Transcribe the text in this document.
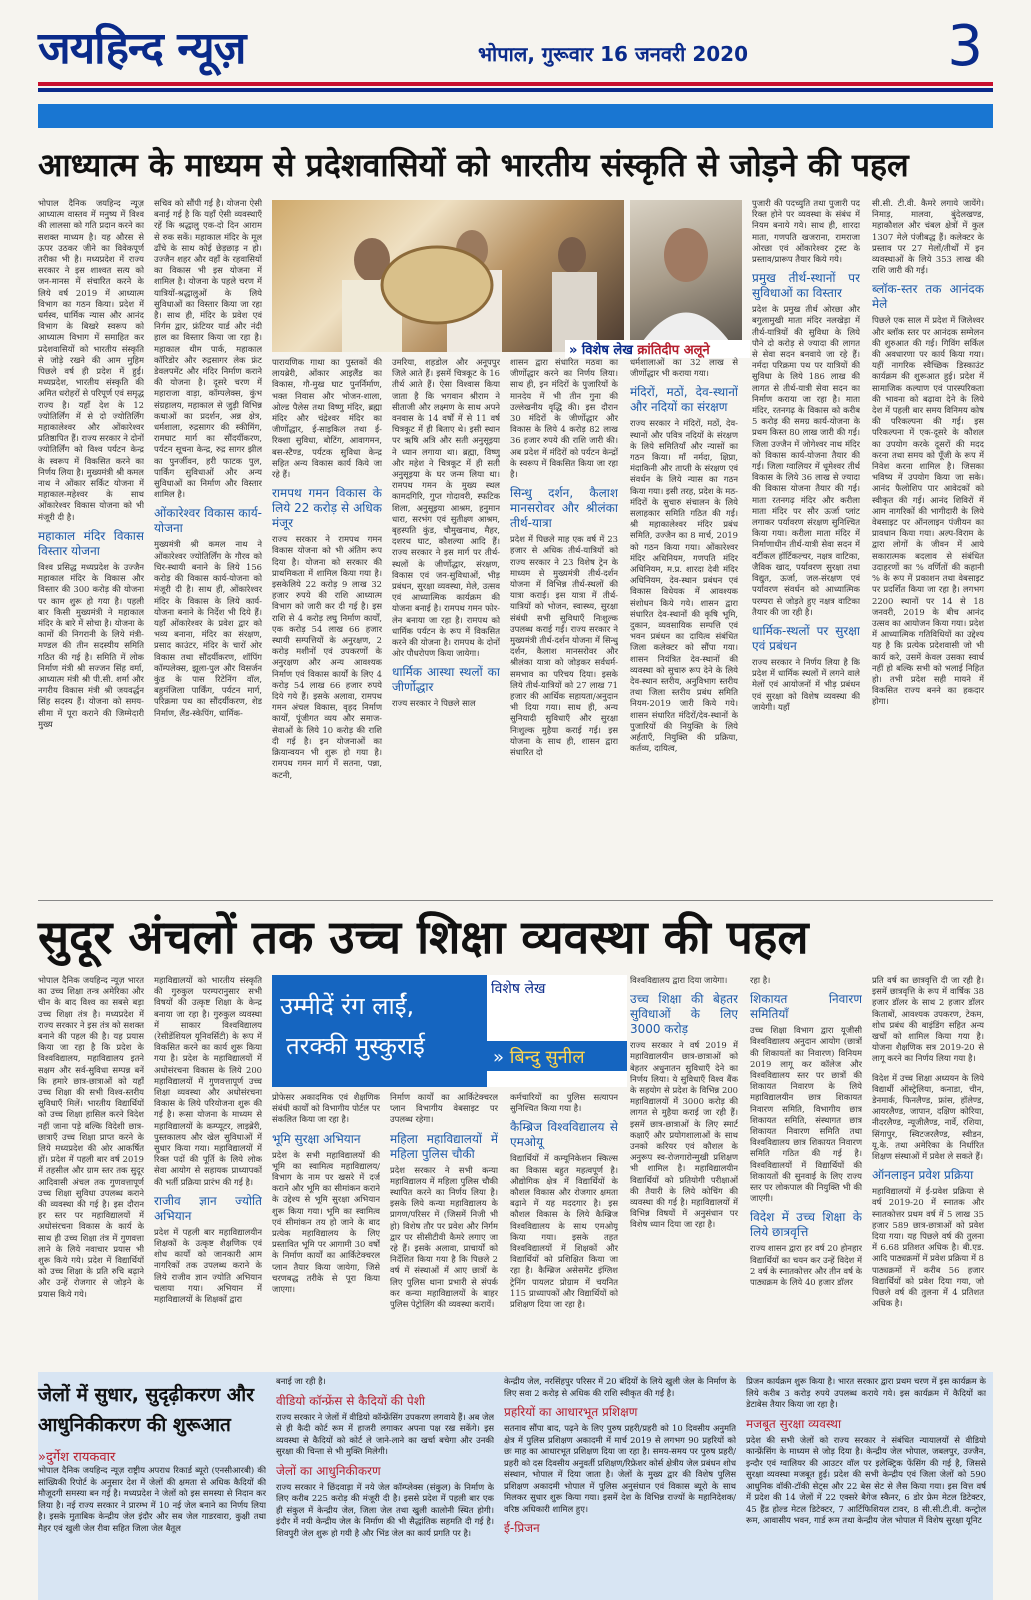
जयहिन्द न्यूज़	भोपाल, गुरूवार 16 जनवरी 2020	3
आध्यात्म के माध्यम से प्रदेशवासियों को भारतीय संस्कृति से जोड़ने की पहल

भोपाल दैनिक जयहिन्द न्यूज़ आध्यात्म वास्तव में मनुष्य में विश्व की लालसा को गति प्रदान करने का सशक्त माध्यम है। यह औरस से ऊपर उठकर जीने का विवेकपूर्ण तरीका भी है। मध्यप्रदेश में राज्य सरकार ने इस शाश्वत सत्य को जन-मानस में संचारित करने के लिये वर्ष 2019 में आध्यात्म विभाग का गठन किया। प्रदेश में धर्मस्व, धार्मिक न्यास और आनंद विभाग के बिखरे स्वरूप को आध्यात्म विभाग में समाहित कर प्रदेशवासियों को भारतीय संस्कृति से जोड़े रखने की आम मुहिम पिछले वर्ष ही प्रदेश में हुई। मध्यप्रदेश, भारतीय संस्कृति की अमित धरोहरों से परिपूर्ण एवं समृद्ध राज्य है। यहाँ देश के 12 ज्योतिर्लिंग में से दो ज्योतिर्लिंग महाकालेश्वर और ओंकारेश्वर प्रतिष्ठापित हैं। राज्य सरकार ने दोनों ज्योतिर्लिंग को विश्व पर्यटन केन्द्र के स्वरूप में विकसित करने का निर्णय लिया है। मुख्यमंत्री श्री कमल नाथ ने ओंकार सर्किट योजना में महाकाल-महेश्वर के साथ ओंकारेश्वर विकास योजना को भी मंजूरी दी है।

महाकाल मंदिर विकास विस्तार योजना

विश्व प्रसिद्ध मध्यप्रदेश के उज्जैन महाकाल मंदिर के विकास और विस्तार की 300 करोड़ की योजना पर काम शुरू हो गया है। पहली बार किसी मुख्यमंत्री ने महाकाल मंदिर के बारे में सोचा है। योजना के कामों की निगरानी के लिये मंत्री-मण्डल की तीन सदस्यीय समिति गठित की गई है। समिति में लोक निर्माण मंत्री श्री सज्जन सिंह वर्मा, आध्यात्म मंत्री श्री पी.सी. शर्मा और नगरीय विकास मंत्री श्री जयवर्द्धन सिंह सदस्य हैं। योजना को समय-सीमा में पूरा कराने की जिम्मेदारी मुख्य

सचिव को सौंपी गई है। योजना ऐसी बनाई गई है कि यहाँ ऐसी व्यवस्थाएँ रहें कि श्रद्धालु एक-दो दिन आराम से रुक सकें। महाकाल मंदिर के मूल ढाँचे के साथ कोई छेड़छाड़ न हो। उज्जैन शहर और वहाँ के रहवासियों का विकास भी इस योजना में शामिल है। योजना के पहले चरण में यात्रियों-श्रद्धालुओं के लिये सुविधाओं का विस्तार किया जा रहा है। साथ ही, मंदिर के प्रवेश एवं निर्गम द्वार, फ्रंटियर यार्ड और नंदी हाल का विस्तार किया जा रहा है। महाकाल थीम पार्क, महाकाल कॉरिडोर और रुद्रसागर लेक फ्रंट डेवलपमेंट और मंदिर निर्माण कराने की योजना है। दूसरे चरण में महाराजा वाड़ा, कॉम्पलेक्स, कुंभ संग्रहालय, महाकाल से जुड़ी विभिन्न कथाओं का प्रदर्शन, अन्न क्षेत्र, धर्मशाला, रुद्रसागर की स्कीमिंग, रामघाट मार्ग का सौंदर्यीकरण, पर्यटन सूचना केन्द्र, रुद्र सागर झील का पुनर्जीवन, हरी फाटक पुल, पार्किंग सुविधाओं और अन्य सुविधाओं का निर्माण और विस्तार शामिल है।

ओंकारेश्वर विकास कार्य-योजना

मुख्यमंत्री श्री कमल नाथ ने ओंकारेश्वर ज्योतिर्लिंग के गौरव को चिर-स्थायी बनाने के लिये 156 करोड़ की विकास कार्य-योजना को मंजूरी दी है। साथ ही, ओंकारेश्वर मंदिर के विकास के लिये कार्य-योजना बनाने के निर्देश भी दिये हैं। यहाँ ओंकारेश्वर के प्रवेश द्वार को भव्य बनाना, मंदिर का संरक्षण, प्रसाद काउंटर, मंदिर के चारों ओर विकास तथा सौंदर्यीकरण, शॉपिंग कॉम्पलेक्स, झूला-पुल और विसर्जन कुंड के पास रिटेनिंग वॉल, बहुमंजिला पार्किंग, पर्यटन मार्ग, परिक्रमा पथ का सौंदर्यीकरण, शेड निर्माण, लैंड-स्केपिंग, धार्मिक-

» विशेष लेख क्रांतिदीप अलूने

पारायणिक गाथा का पुस्तकों की लायब्रेरी, ओंकार आइलैंड का विकास, गौ-मुख घाट पुनर्निर्माण, भक्त निवास और भोजन-शाला, ओल्ड पैलेस तथा विष्णु मंदिर, ब्रह्मा मंदिर और चंद्रेश्वर मंदिर का जीर्णोद्धार, ई-साइकिल तथा ई-रिक्शा सुविधा, बोटिंग, आवागमन, बस-स्टैण्ड, पर्यटक सुविधा केन्द्र सहित अन्य विकास कार्य किये जा रहे हैं।

रामपथ गमन विकास के लिये 22 करोड़ से अधिक मंजूर

राज्य सरकार ने रामपथ गमन विकास योजना को भी अंतिम रूप दिया है। योजना को सरकार की प्राथमिकता में शामिल किया गया है। इसकेलिये 22 करोड़ 9 लाख 32 हजार रुपये की राशि आध्यात्म विभाग को जारी कर दी गई है। इस राशि से 4 करोड़ लघु निर्माण कार्यों, एक करोड़ 54 लाख 66 हजार स्थायी सम्पत्तियों के अनुरक्षण, 2 करोड़ मशीनों एवं उपकरणों के अनुरक्षण और अन्य आवश्यक निर्माण एवं विकास कार्यों के लिए 4 करोड़ 54 लाख 66 हजार रुपये दिये गये हैं। इसके अलावा, रामपथ गमन अंचल विकास, वृहद निर्माण कार्यों, पूंजीगत व्यय और समाज-सेवाओं के लिये 10 करोड़ की राशि दी गई है। इन योजनाओं का क्रियान्वयन भी शुरू हो गया है। रामपथ गमन मार्ग में सतना, पन्ना, कटनी,

उमरिया, शहडोल और अनूपपुर जिले आते हैं। इसमें चित्रकूट के 16 तीर्थ आते हैं। ऐसा विश्वास किया जाता है कि भगवान श्रीराम ने सीताजी और लक्ष्मण के साथ अपने वनवास के 14 वर्षों में से 11 वर्ष चित्रकूट में ही बिताए थे। इसी स्थान पर ऋषि अत्रि और सती अनुसूइया ने ध्यान लगाया था। ब्रह्मा, विष्णु और महेश ने चित्रकूट में ही सती अनुसूइया के घर जन्म लिया था। रामपथ गमन के मुख्य स्थल कामदगिरि, गुप्त गोदावरी, स्फटिक शिला, अनुसूइया आश्रम, हनुमान धारा, सरभंग एवं सुतीक्ष्ण आश्रम, बृहस्पति कुंड, चौमुखनाथ, मैहर, दशरथ घाट, कौशल्या आदि हैं। राज्य सरकार ने इस मार्ग पर तीर्थ-स्थलों के जीर्णोद्धार, संरक्षण, विकास एवं जन-सुविधाओं, भीड़ प्रबंधन, सुरक्षा व्यवस्था, मेले, उत्सव एवं आध्यात्मिक कार्यक्रम की योजना बनाई है। रामपथ गमन फोर-लेन बनाया जा रहा है। रामपथ को धार्मिक पर्यटन के रूप में विकसित करने की योजना है। रामपथ के दोनों ओर पौधरोपण किया जायेगा।

धार्मिक आस्था स्थलों का जीर्णोद्धार

राज्य सरकार ने पिछले साल

शासन द्वारा संधारित मठवा का जीर्णोद्धार करने का निर्णय लिया। साथ ही, इन मंदिरों के पुजारियों के मानदेय में भी तीन गुना की उल्लेखनीय वृद्धि की। इस दौरान 30 मंदिरों के जीर्णोद्धार और विकास के लिये 4 करोड़ 82 लाख 36 हजार रुपये की राशि जारी की। अब प्रदेश में मंदिरों को पर्यटन केन्द्रों के स्वरूप में विकसित किया जा रहा है।

सिन्धु दर्शन, कैलाश मानसरोवर और श्रीलंका तीर्थ-यात्रा

प्रदेश में पिछले माह एक वर्ष में 23 हजार से अधिक तीर्थ-यात्रियों को राज्य सरकार ने 23 विशेष ट्रेन के माध्यम से मुख्यमंत्री तीर्थ-दर्शन योजना में विभिन्न तीर्थ-स्थलों की यात्रा कराई। इस यात्रा में तीर्थ-यात्रियों को भोजन, स्वास्थ्य, सुरक्षा संबंधी सभी सुविधाएँ निःशुल्क उपलब्ध कराई गईं। राज्य सरकार ने मुख्यमंत्री तीर्थ-दर्शन योजना में सिन्धु दर्शन, कैलाश मानसरोवर और श्रीलंका यात्रा को जोड़कर सर्वधर्म-समभाव का परिचय दिया। इसके लिये तीर्थ-यात्रियों को 27 लाख 71 हजार की आर्थिक सहायता/अनुदान भी दिया गया। साथ ही, अन्य सुनियादी सुविधाएँ और सुरक्षा निःशुल्क मुहैया कराई गई। इस योजना के साथ ही, शासन द्वारा संधारित दो

धर्मशालाओं का 32 लाख से जीर्णोद्धार भी कराया गया।

मंदिरों, मठों, देव-स्थानों और नदियों का संरक्षण

राज्य सरकार ने मंदिरों, मठों, देव-स्थानों और पवित्र नदियों के संरक्षण के लिये समितियाँ और न्यासों का गठन किया। माँ नर्मदा, क्षिप्रा, मंदाकिनी और ताप्ती के संरक्षण एवं संवर्धन के लिये न्यास का गठन किया गया। इसी तरह, प्रदेश के मठ-मंदिरों के सुचारु संचालन के लिये सलाहकार समिति गठित की गई। श्री महाकालेश्वर मंदिर प्रबंध समिति, उज्जैन का 8 मार्च, 2019 को गठन किया गया। ओंकारेश्वर मंदिर अधिनियम, गणपति मंदिर अधिनियम, म.प्र. शारदा देवी मंदिर अधिनियम, देव-स्थान प्रबंधन एवं विकास विधेयक में आवश्यक संशोधन किये गये। शासन द्वारा संधारित देव-स्थानों की कृषि भूमि, दुकान, व्यवसायिक सम्पत्ति एवं भवन प्रबंधन का दायित्व संबंधित जिला कलेक्टर को सौंपा गया। शासन नियंत्रित देव-स्थानों की व्यवस्था को सुचारु रूप देने के लिये देव-स्थान स्तरीय, अनुविभाग स्तरीय तथा जिला स्तरीय प्रबंध समिति नियम-2019 जारी किये गये। शासन संधारित मंदिरों/देव-स्थानों के पुजारियों की नियुक्ति के लिये अर्हताएँ, नियुक्ति की प्रक्रिया, कर्तव्य, दायित्व,

पुजारी की पदच्युति तथा पुजारी पद रिक्त होने पर व्यवस्था के संबंध में नियम बनाये गये। साथ ही, शारदा माता, गणपति खजराना, रामराजा ओरछा एवं ओंकारेश्वर ट्रस्ट के प्रस्ताव/प्रारूप तैयार किये गये।

प्रमुख तीर्थ-स्थानों पर सुविधाओं का विस्तार

प्रदेश के प्रमुख तीर्थ ओरछा और बगुलामुखी माता मंदिर नलखेड़ा में तीर्थ-यात्रियों की सुविधा के लिये पौने दो करोड़ से ज्यादा की लागत से सेवा सदन बनवाये जा रहे हैं। नर्मदा परिक्रमा पथ पर यात्रियों की सुविधा के लिये 186 लाख की लागत से तीर्थ-यात्री सेवा सदन का निर्माण कराया जा रहा है। माता मंदिर, रतनगढ़ के विकास को करीब 5 करोड़ की समग्र कार्य-योजना के प्रथम किस्त 80 लाख जारी की गई। जिला उज्जैन में जोगेश्वर नाथ मंदिर को विकास कार्य-योजना तैयार की गई। जिला ग्वालियर में धूमेश्वर तीर्थ विकास के लिये 36 लाख से ज्यादा की विकास योजना तैयार की गई। माता रतनगढ़ मंदिर और करीला माता मंदिर पर सौर ऊर्जा प्लांट लगाकर पर्यावरण संरक्षण सुनिश्चित किया गया। करीला माता मंदिर में निर्माणाधीन तीर्थ-यात्री सेवा सदन में वर्टीकल हॉर्टिकल्चर, नक्षत्र वाटिका, जैविक खाद, पर्यावरण सुरक्षा तथा विद्युत, ऊर्जा, जल-संरक्षण एवं पर्यावरण संवर्धन को आध्यात्मिक परम्परा से जोड़ते हुए नक्षत्र वाटिका तैयार की जा रही है।

धार्मिक-स्थलों पर सुरक्षा एवं प्रबंधन

राज्य सरकार ने निर्णय लिया है कि प्रदेश में धार्मिक स्थलों में लगने वाले मेलों एवं आयोजनों में भीड़ प्रबंधन एवं सुरक्षा को विशेष व्यवस्था की जायेगी। यहाँ

सी.सी. टी.वी. कैमरे लगाये जायेंगे। निमाड़, मालवा, बुंदेलखण्ड, महाकौशल और चंबल क्षेत्रों में कुल 1307 मेले पंजीबद्ध हैं। कलेक्टर के प्रस्ताव पर 27 मेलों/तीर्थों में इन व्यवस्थाओं के लिये 353 लाख की राशि जारी की गई।

ब्लॉक-स्तर तक आनंदक मेले

पिछले एक साल में प्रदेश में जिलेश्वर और ब्लॉक स्तर पर आनंदक सम्मेलन की शुरुआत की गई। गिविंग सर्किल की अवधारणा पर कार्य किया गया। यहीं नागरिक स्वैच्छिक डिस्काउंट कार्यक्रम की शुरूआत हुई। प्रदेश में सामाजिक कल्याण एवं पारस्परिकता की भावना को बढ़ावा देने के लिये देश में पहली बार समय विनिमय कोष की परिकल्पना की गई। इस परिकल्पना में एक-दूसरे के कौशल का उपयोग करके दूसरों की मदद करना तथा समय को पूँजी के रूप में निवेश करना शामिल है। जिसका भविष्य में उपयोग किया जा सके। आनंद फैलोशिप पार आवेदकों को स्वीकृत की गई। आनंद शिविरों में आम नागरिकों की भागीदारी के लिये वेबसाइट पर ऑनलाइन पंजीयन का प्रावधान किया गया। अल्प-विराम के द्वारा लोगों के जीवन में आये सकारात्मक बदलाव से संबंधित उदाहरणों का % वर्णितों की कहानी % के रूप में प्रकाशन तथा वेबसाइट पर प्रदर्शित किया जा रहा है। लगभग 2200 स्थानों पर 14 से 18 जनवरी, 2019 के बीच आनंद उत्सव का आयोजन किया गया। प्रदेश में आध्यात्मिक गतिविधियों का उद्देश्य यह है कि प्रत्येक प्रदेशवासी जो भी कार्य करे, उसमें केवल उसका स्वार्थ नहीं हो बल्कि सभी को भलाई निहित हो। तभी प्रदेश सही मायने में विकसित राज्य बनने का हकदार होगा।

सुदूर अंचलों तक उच्च शिक्षा व्यवस्था की पहल
उम्मीदें रंग लाईं,
तरक्की मुस्कुराई
विशेष लेख
» बिन्दु सुनील

भोपाल दैनिक जयहिन्द न्यूज़ भारत का उच्च शिक्षा तन्त्र अमेरिका और चीन के बाद विश्व का सबसे बड़ा उच्च शिक्षा तंत्र है। मध्यप्रदेश में राज्य सरकार ने इस तंत्र को सशक्त बनाने की पहल की है। यह प्रयास किया जा रहा है कि प्रदेश के विश्वविद्यालय, महाविद्यालय इतने सक्षम और सर्व-सुविधा सम्पन्न बनें कि हमारे छात्र-छात्राओं को यहाँ उच्च शिक्षा की सभी विश्व-स्तरीय सुविधाएँ मिलें। भारतीय विद्यार्थियों को उच्च शिक्षा हासिल करने विदेश नहीं जाना पड़े बल्कि विदेशी छात्र-छात्राएँ उच्च शिक्षा प्राप्त करने के लिये मध्यप्रदेश की ओर आकर्षित हों। प्रदेश में पहली बार वर्ष 2019 में तहसील और ग्राम स्तर तक सुदूर आदिवासी अंचल तक गुणवत्तापूर्ण उच्च शिक्षा सुविधा उपलब्ध कराने की व्यवस्था की गई है। इस दौरान हर स्तर पर महाविद्यालयों में अधोसंरचना विकास के कार्य के साथ ही उच्च शिक्षा तंत्र में गुणवत्ता लाने के लिये नवाचार प्रयास भी शुरू किये गये। प्रदेश में विद्यार्थियों को उच्च शिक्षा के प्रति रुचि बढ़ाने और उन्हें रोजगार से जोड़ने के प्रयास किये गये।

महाविद्यालयों को भारतीय संस्कृति की गुरुकुल परम्परानुसार सभी विषयों की उत्कृष्ट शिक्षा के केन्द्र बनाया जा रहा है। गुरुकुल व्यवस्था में साकार विश्वविद्यालय (रेसीडेंशियल यूनिवर्सिटी) के रूप में विकसित करने का कार्य शुरू किया गया है। प्रदेश के महाविद्यालयों में अधोसंरचना विकास के लिये 200 महाविद्यालयों में गुणवत्तापूर्ण उच्च शिक्षा व्यवस्था और अधोसंरचना विकास के लिये परियोजना शुरू की गई है। रूसा योजना के माध्यम से महाविद्यालयों के कम्प्यूटर, लाइब्रेरी, पुस्तकालय और खेल सुविधाओं में सुधार किया गया। महाविद्यालयों में रिक्त पदों की पूर्ति के लिये लोक सेवा आयोग से सहायक प्राध्यापकों की भर्ती प्रक्रिया प्रारंभ की गई है।

राजीव ज्ञान ज्योति अभियान

प्रदेश में पहली बार महाविद्यालयीन शिक्षकों के उत्कृष्ट शैक्षणिक एवं शोध कार्यों को जानकारी आम नागरिकों तक उपलब्ध कराने के लिये राजीव ज्ञान ज्योति अभियान चलाया गया। अभियान में महाविद्यालयों के शिक्षकों द्वारा

प्रोफेसर अकादमिक एवं शैक्षणिक संबंधी कार्यों को विभागीय पोर्टल पर संकलित किया जा रहा है।

भूमि सुरक्षा अभियान

प्रदेश के सभी महाविद्यालयों की भूमि का स्वामित्व महाविद्यालय/विभाग के नाम पर खसरे में दर्ज कराने और भूमि का सीमांकन कराने के उद्देश्य से भूमि सुरक्षा अभियान शुरू किया गया। भूमि का स्वामित्व एवं सीमांकन तय हो जाने के बाद प्रत्येक महाविद्यालय के लिए प्रस्तावित भूमि पर आगामी 30 वर्षों के निर्माण कार्यों का आर्किटेक्चरल प्लान तैयार किया जायेगा, जिसे चरणबद्ध तरीके से पूरा किया जाएगा।

निर्माण कार्यों का आर्किटेक्चरल प्लान विभागीय वेबसाइट पर उपलब्ध रहेगा।

महिला महाविद्यालयों में महिला पुलिस चौकी

प्रदेश सरकार ने सभी कन्या महाविद्यालय में महिला पुलिस चौकी स्थापित करने का निर्णय लिया है। इसके लिये कन्या महाविद्यालय के प्रागण/परिसर में (जिसमें निजी भी हो) विशेष तौर पर प्रवेश और निर्गम द्वार पर सीसीटीवी कैमरे लगाए जा रहे हैं। इसके अलावा, प्राचार्यों को निर्देशित किया गया है कि पिछले 2 वर्ष में संस्थाओं में आए छात्रों के लिए पुलिस थाना प्रभारी से संपर्क कर कन्या महाविद्यालयों के बाहर पुलिस पेट्रोलिंग की व्यवस्था करायें।

कर्मचारियों का पुलिस सत्यापन सुनिश्चित किया गया है।

कैम्ब्रिज विश्वविद्यालय से एमओयू

विद्यार्थियों में कम्यूनिकेशन स्किल्स का विकास बहुत महत्वपूर्ण है। औद्योगिक क्षेत्र में विद्यार्थियों के कौशल विकास और रोजगार क्षमता बढ़ाने में यह मददगार है। इस कौशल विकास के लिये कैम्ब्रिज विश्वविद्यालय के साथ एमओयू किया गया। इसके तहत विश्वविद्यालयों में शिक्षकों और विद्यार्थियों को प्रशिक्षित किया जा रहा है। कैम्ब्रिज असेसमेंट इंग्लिश ट्रेनिंग पायलट प्रोग्राम में चयनित 115 प्राध्यापकों और विद्यार्थियों को प्रशिक्षण दिया जा रहा है।

विश्वविद्यालय द्वारा दिया जायेगा।

उच्च शिक्षा की बेहतर सुविधाओं के लिए 3000 करोड़

राज्य सरकार ने वर्ष 2019 में महाविद्यालयीन छात्र-छात्राओं को बेहतर अधुनातन सुविधाएँ देने का निर्णय लिया। ये सुविधाएँ विश्व बैंक के सहयोग से प्रदेश के विभिन्न 200 महाविद्यालयों में 3000 करोड़ की लागत से मुहैया कराई जा रही हैं। इसमें छात्र-छात्राओं के लिए स्मार्ट कक्षाएँ और प्रयोगशालाओं के साथ उनको करियर एवं कौशल के अनुरूप स्व-रोजगारोन्मुखी प्रशिक्षण भी शामिल है। महाविद्यालयीन विद्यार्थियों को प्रतियोगी परीक्षाओं की तैयारी के लिये कोचिंग की व्यवस्था की गई है। महाविद्यालयों में विभिन्न विषयों में अनुसंधान पर विशेष ध्यान दिया जा रहा है।

रहा है।

शिकायत निवारण समितियाँ

उच्च शिक्षा विभाग द्वारा यूजीसी विश्वविद्यालय अनुदान आयोग (छात्रों की शिकायतों का निवारण) विनियम 2019 लागू कर कॉलेज और विश्वविद्यालय स्तर पर छात्रों की शिकायत निवारण के लिये महाविद्यालयीन छात्र शिकायत निवारण समिति, विभागीय छात्र शिकायत समिति, संस्थागत छात्र शिकायत निवारण समिति तथा विश्वविद्यालय छात्र शिकायत निवारण समिति गठित की गई है। विश्वविद्यालयों में विद्यार्थियों की शिकायतों की सुनवाई के लिए राज्य स्तर पर लोकपाल की नियुक्ति भी की जाएगी।

विदेश में उच्च शिक्षा के लिये छात्रवृत्ति

राज्य शासन द्वारा हर वर्ष 20 होनहार विद्यार्थियों का चयन कर उन्हें विदेश में 2 वर्ष के स्नातकोत्तर और तीन वर्ष के पाठ्यक्रम के लिये 40 हजार डॉलर

प्रति वर्ष का छात्रवृत्ति दी जा रही है। इसमें छात्रवृत्ति के रूप में वार्षिक 38 हजार डॉलर के साथ 2 हजार डॉलर किताबों, आवश्यक उपकरण, टेकम, शोध प्रबंध की बाइंडिंग सहित अन्य खर्चों को शामिल किया गया है। योजना शैक्षणिक सत्र 2019-20 से लागू करने का निर्णय लिया गया है।

विदेश में उच्च शिक्षा अध्ययन के लिये विद्यार्थी ऑस्ट्रेलिया, कनाडा, चीन, डेनमार्क, फिनलैण्ड, फ्रांस, हॉलेण्ड, आयरलैण्ड, जापान, दक्षिण कोरिया, नीदरलैण्ड, न्यूजीलैण्ड, नार्वे, रशिया, सिंगापुर, स्विटजरलैण्ड, स्वीडन, यू.के. तथा अमेरिका के निर्धारित शिक्षण संस्थाओं में प्रवेश ले सकते हैं।

ऑनलाइन प्रवेश प्रक्रिया

महाविद्यालयों में ई-प्रवेश प्रक्रिया से वर्ष 2019-20 में स्नातक और स्नातकोत्तर प्रथम वर्ष में 5 लाख 35 हजार 589 छात्र-छात्राओं को प्रवेश दिया गया। यह पिछले वर्ष की तुलना में 6.68 प्रतिशत अधिक है। बी.एड. आदि पाठ्यक्रमों में प्रवेश प्रक्रिया में 8 पाठ्यक्रमों में करीब 56 हजार विद्यार्थियों को प्रवेश दिया गया, जो पिछले वर्ष की तुलना में 4 प्रतिशत अधिक है।

जेलों में सुधार, सुदृढ़ीकरण और आधुनिकीकरण की शुरूआत
»दुर्गेश रायकवार

भोपाल दैनिक जयहिन्द न्यूज़ राष्ट्रीय अपराध रिकार्ड ब्यूरो (एनसीआरबी) की सांख्यिकी रिपोर्ट के अनुसार देश में जेलों की क्षमता से अधिक कैदियों की मौजूदगी समस्या बन गई है। मध्यप्रदेश ने जेलों को इस समस्या से निदान कर लिया है। नई राज्य सरकार ने प्रारम्भ में 10 नई जेल बनाने का निर्णय लिया है। इसके मुताबिक केन्द्रीय जेल इंदौर और सब जेल गाडरवारा, कुक्षी तथा मैहर एवं खुली जेल रीवा सहित जिला जेल बैतूल

बनाई जा रही है।

वीडियो कॉन्फ्रेंस से कैदियों की पेशी

राज्य सरकार ने जेलों में वीडियो कॉन्फ्रेंसिंग उपकरण लगवाये हैं। अब जेल से ही कैदी कोर्ट रूम में हाजरी लगाकर अपना पक्ष रख सकेंगे। इस व्यवस्था से कैदियों को कोर्ट ले जाने-लाने का खर्चा बचेगा और उनकी सुरक्षा की चिन्ता से भी मुक्ति मिलेगी।

जेलों का आधुनिकीकरण

राज्य सरकार ने छिंदवाड़ा में नये जेल कॉम्प्लेक्स (संकुल) के निर्माण के लिए करीब 225 करोड़ की मंजूरी दी है। इससे प्रदेश में पहली बार एक ही संकुल में केन्द्रीय जेल, जिला जेल तथा खुली कालोनी स्थित होगी। इंदौर में नयी केन्द्रीय जेल के निर्माण की भी सैद्धांतिक सहमति दी गई है। शिवपुरी जेल शुरू हो गयी है और भिंड जेल का कार्य प्रगति पर है।

केन्द्रीय जेल, नरसिंहपुर परिसर में 20 बंदियों के लिये खुली जेल के निर्माण के लिए सवा 2 करोड़ से अधिक की राशि स्वीकृत की गई है।

प्रहरियों का आधारभूत प्रशिक्षण

सतनाव सौंपा बाद, पढ़ने के लिए पुरुष प्रहरी/प्रहरी को 10 दिवसीय अनुमति क्षेत्र में पुलिस प्रशिक्षण अकादमी में मार्च 2019 से लगभग 90 प्रहरियों को छः माह का आधारभूत प्रशिक्षण दिया जा रहा है। समय-समय पर पुरुष प्रहरी/प्रहरी को दस दिवसीय अनुवर्ती प्रशिक्षण/रिफ्रेशर कोर्स क्षेत्रीय जेल प्रबंधन शोध संस्थान, भोपाल में दिया जाता है। जेलों के मुख्य द्वार की विशेष पुलिस प्रशिक्षण अकादमी भोपाल में पुलिस अनुसंधान एवं विकास ब्यूरो के साथ मिलकर सुधार शुरू किया गया। इसमें देश के विभिन्न राज्यों के महानिदेशक/वरिष्ठ अधिकारी शामिल हुए।

ई-प्रिजन

प्रिजन कार्यक्रम शुरू किया है। भारत सरकार द्वारा प्रथम चरण में इस कार्यक्रम के लिये करीब 3 करोड़ रुपये उपलब्ध कराये गये। इस कार्यक्रम में कैदियों का डेटाबेस तैयार किया जा रहा है।

मजबूत सुरक्षा व्यवस्था

प्रदेश की सभी जेलों को राज्य सरकार ने संबंधित न्यायालयों से वीडियो कान्फ्रेंसिंग के माध्यम से जोड़ दिया है। केन्द्रीय जेल भोपाल, जबलपुर, उज्जैन, इन्दौर एवं ग्वालियर की आउटर वॉल पर इलेक्ट्रिक फेंसिंग की गई है, जिससे सुरक्षा व्यवस्था मजबूत हुई। प्रदेश की सभी केन्द्रीय एवं जिला जेलों को 590 आधुनिक वॉकी-टॉकी सेट्स और 22 बेस सेट से लैस किया गया। इस वित्त वर्ष में प्रदेश की 14 जेलों में 22 एक्सरे बैगेज स्कैनर, 6 डोर फ्रेम मेटल डिटेक्टर, 45 हैंड होल्ड मेटल डिटेक्टर, 7 आर्टिफिशियल टावर, 8 सी.सी.टी.वी. कन्ट्रोल रूम, आवासीय भवन, गार्ड रूम तथा केन्द्रीय जेल भोपाल में विशेष सुरक्षा यूनिट
